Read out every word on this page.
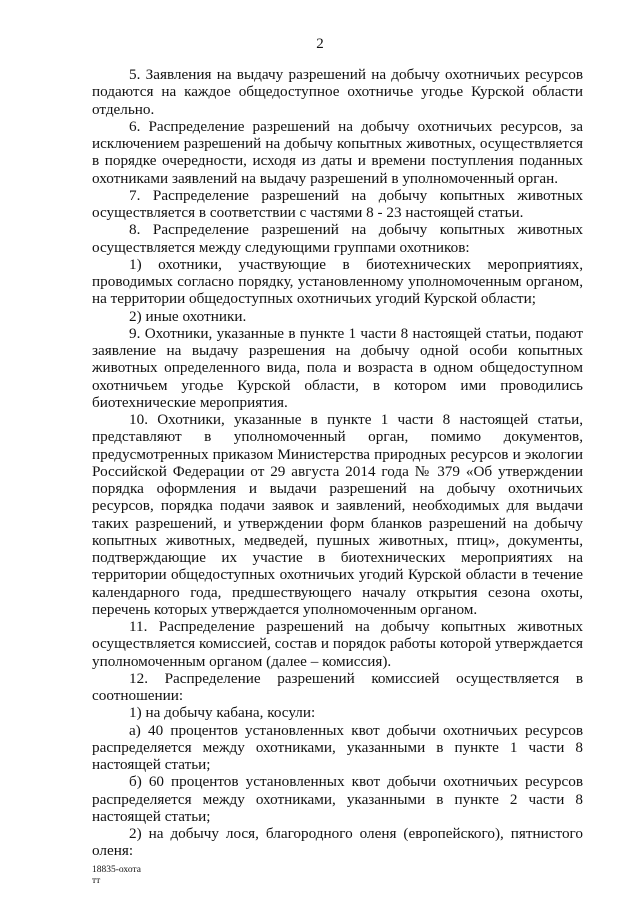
2

5. Заявления на выдачу разрешений на добычу охотничьих ресурсов подаются на каждое общедоступное охотничье угодье Курской области отдельно.

6. Распределение разрешений на добычу охотничьих ресурсов, за исключением разрешений на добычу копытных животных, осуществляется в порядке очередности, исходя из даты и времени поступления поданных охотниками заявлений на выдачу разрешений в уполномоченный орган.

7. Распределение разрешений на добычу копытных животных осуществляется в соответствии с частями 8 - 23 настоящей статьи.

8. Распределение разрешений на добычу копытных животных осуществляется между следующими группами охотников:

1) охотники, участвующие в биотехнических мероприятиях, проводимых согласно порядку, установленному уполномоченным органом, на территории общедоступных охотничьих угодий Курской области;

2) иные охотники.

9. Охотники, указанные в пункте 1 части 8 настоящей статьи, подают заявление на выдачу разрешения на добычу одной особи копытных животных определенного вида, пола и возраста в одном общедоступном охотничьем угодье Курской области, в котором ими проводились биотехнические мероприятия.

10. Охотники, указанные в пункте 1 части 8 настоящей статьи, представляют в уполномоченный орган, помимо документов, предусмотренных приказом Министерства природных ресурсов и экологии Российской Федерации от 29 августа 2014 года № 379 «Об утверждении порядка оформления и выдачи разрешений на добычу охотничьих ресурсов, порядка подачи заявок и заявлений, необходимых для выдачи таких разрешений, и утверждении форм бланков разрешений на добычу копытных животных, медведей, пушных животных, птиц», документы, подтверждающие их участие в биотехнических мероприятиях на территории общедоступных охотничьих угодий Курской области в течение календарного года, предшествующего началу открытия сезона охоты, перечень которых утверждается уполномоченным органом.

11. Распределение разрешений на добычу копытных животных осуществляется комиссией, состав и порядок работы которой утверждается уполномоченным органом (далее – комиссия).

12. Распределение разрешений комиссией осуществляется в соотношении:

1) на добычу кабана, косули:

а) 40 процентов установленных квот добычи охотничьих ресурсов распределяется между охотниками, указанными в пункте 1 части 8 настоящей статьи;

б) 60 процентов установленных квот добычи охотничьих ресурсов распределяется между охотниками, указанными в пункте 2 части 8 настоящей статьи;

2) на добычу лося, благородного оленя (европейского), пятнистого оленя:

18835-охота
тт
